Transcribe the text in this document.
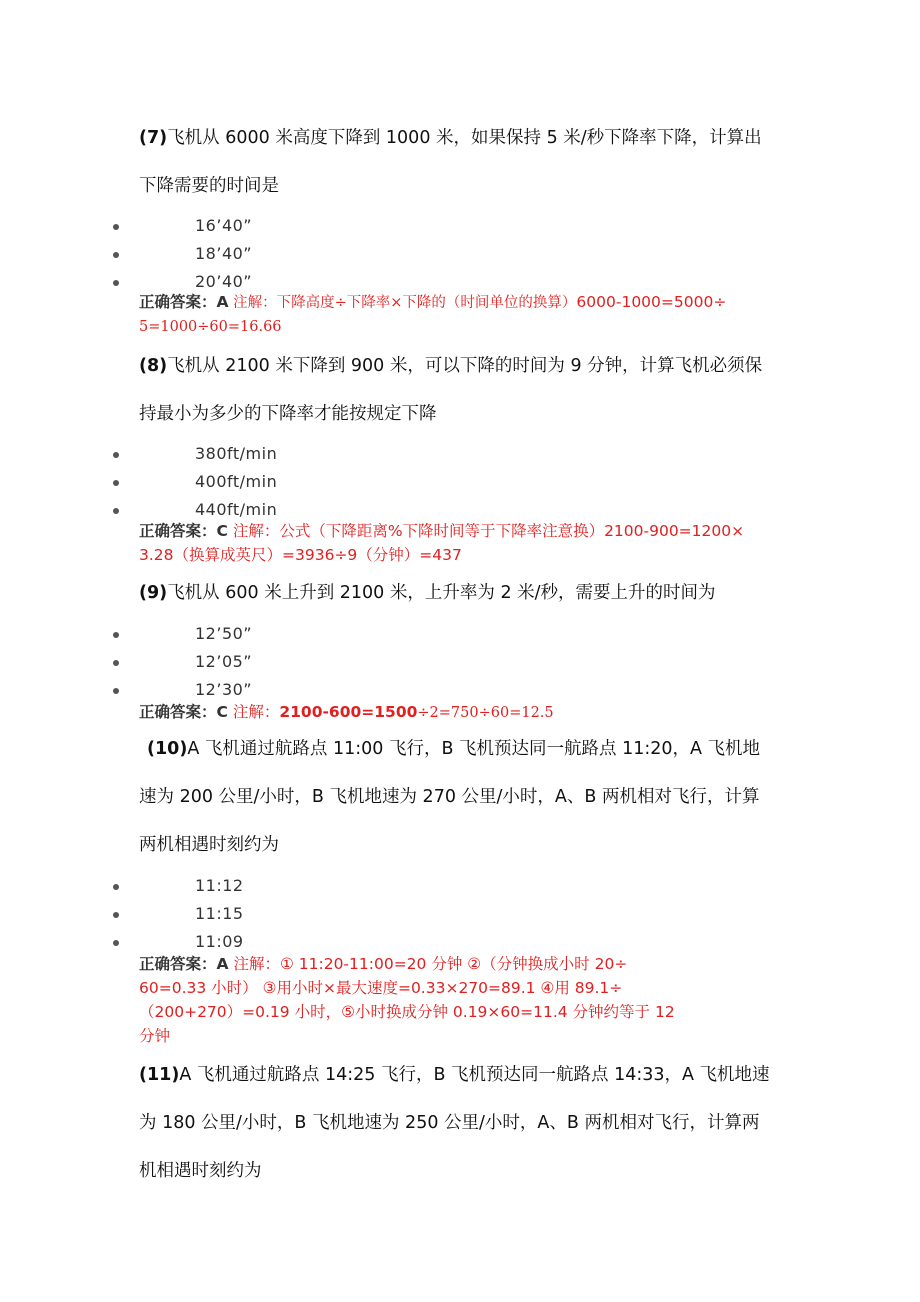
(7)飞机从 6000 米高度下降到 1000 米，如果保持 5 米/秒下降率下降，计算出
下降需要的时间是
16’40”
18’40”
20’40”
正确答案：A 注解：下降高度÷下降率×下降的（时间单位的换算）6000-1000=5000÷
5=1000÷60=16.66
(8)飞机从 2100 米下降到 900 米，可以下降的时间为 9 分钟，计算飞机必须保
持最小为多少的下降率才能按规定下降
380ft/min
400ft/min
440ft/min
正确答案：C 注解：公式（下降距离%下降时间等于下降率注意换）2100-900=1200×
3.28（换算成英尺）=3936÷9（分钟）=437
(9)飞机从 600 米上升到 2100 米，上升率为 2 米/秒，需要上升的时间为
12’50”
12’05”
12’30”
正确答案：C 注解：2100-600=1500÷2=750÷60=12.5
(10)A 飞机通过航路点 11:00 飞行，B 飞机预达同一航路点 11:20，A 飞机地
速为 200 公里/小时，B 飞机地速为 270 公里/小时，A、B 两机相对飞行，计算
两机相遇时刻约为
11:12
11:15
11:09
正确答案：A 注解：① 11:20-11:00=20 分钟 ②（分钟换成小时 20÷
60=0.33 小时） ③用小时×最大速度=0.33×270=89.1 ④用 89.1÷
（200+270）=0.19 小时，⑤小时换成分钟 0.19×60=11.4 分钟约等于 12
分钟
(11)A 飞机通过航路点 14:25 飞行，B 飞机预达同一航路点 14:33，A 飞机地速
为 180 公里/小时，B 飞机地速为 250 公里/小时，A、B 两机相对飞行，计算两
机相遇时刻约为
